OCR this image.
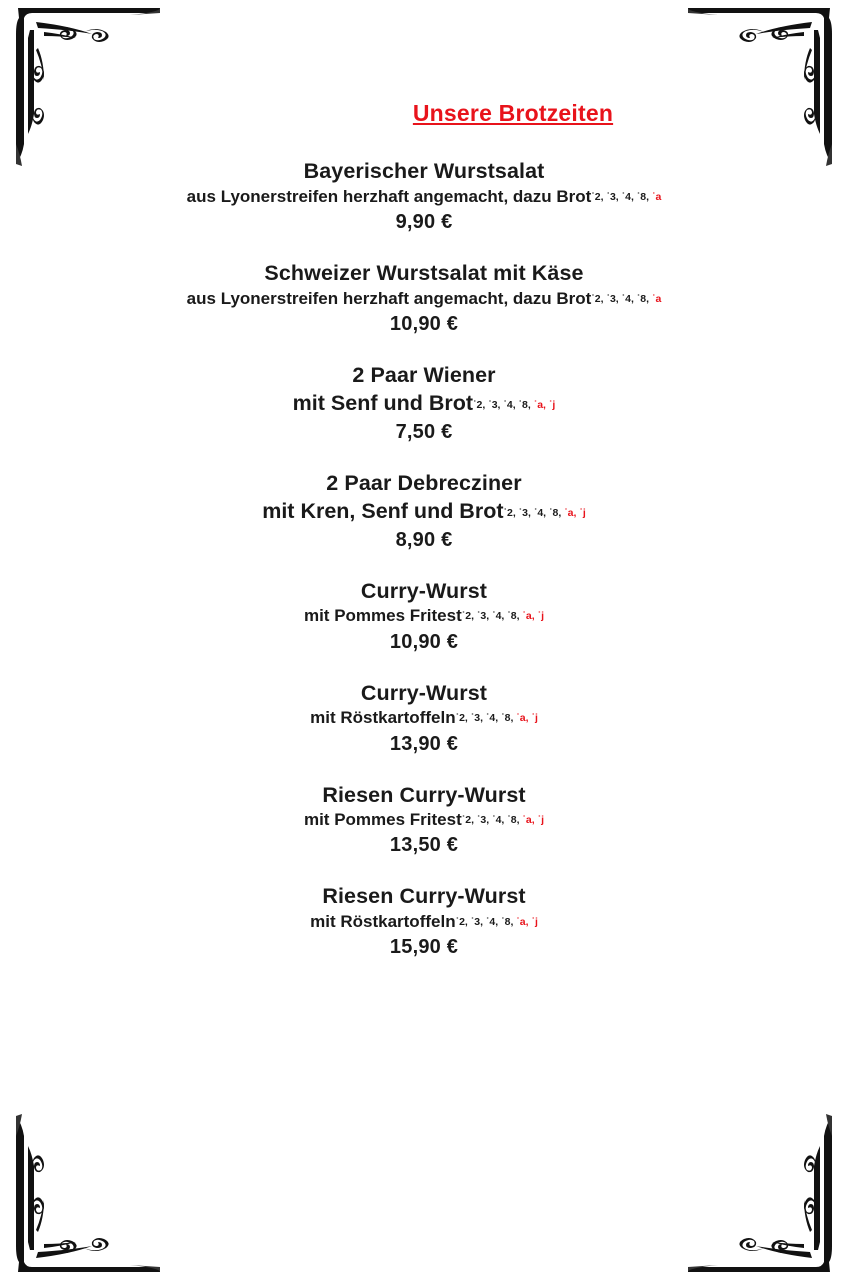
Unsere Brotzeiten
Bayerischer Wurstsalat
aus Lyonerstreifen herzhaft angemacht, dazu Brot˙2, ˙3, ˙4, ˙8, ˙a
9,90 €
Schweizer Wurstsalat mit Käse
aus Lyonerstreifen herzhaft angemacht, dazu Brot˙2, ˙3, ˙4, ˙8, ˙a
10,90 €
2 Paar Wiener
mit Senf und Brot˙2, ˙3, ˙4, ˙8, ˙a, ˙j
7,50 €
2 Paar Debrecziner
mit Kren, Senf und Brot˙2, ˙3, ˙4, ˙8, ˙a, ˙j
8,90 €
Curry-Wurst
mit Pommes Fritest˙2, ˙3, ˙4, ˙8, ˙a, ˙j
10,90 €
Curry-Wurst
mit Röstkartoffeln˙2, ˙3, ˙4, ˙8, ˙a, ˙j
13,90 €
Riesen Curry-Wurst
mit Pommes Fritest˙2, ˙3, ˙4, ˙8, ˙a, ˙j
13,50 €
Riesen Curry-Wurst
mit Röstkartoffeln˙2, ˙3, ˙4, ˙8, ˙a, ˙j
15,90 €
